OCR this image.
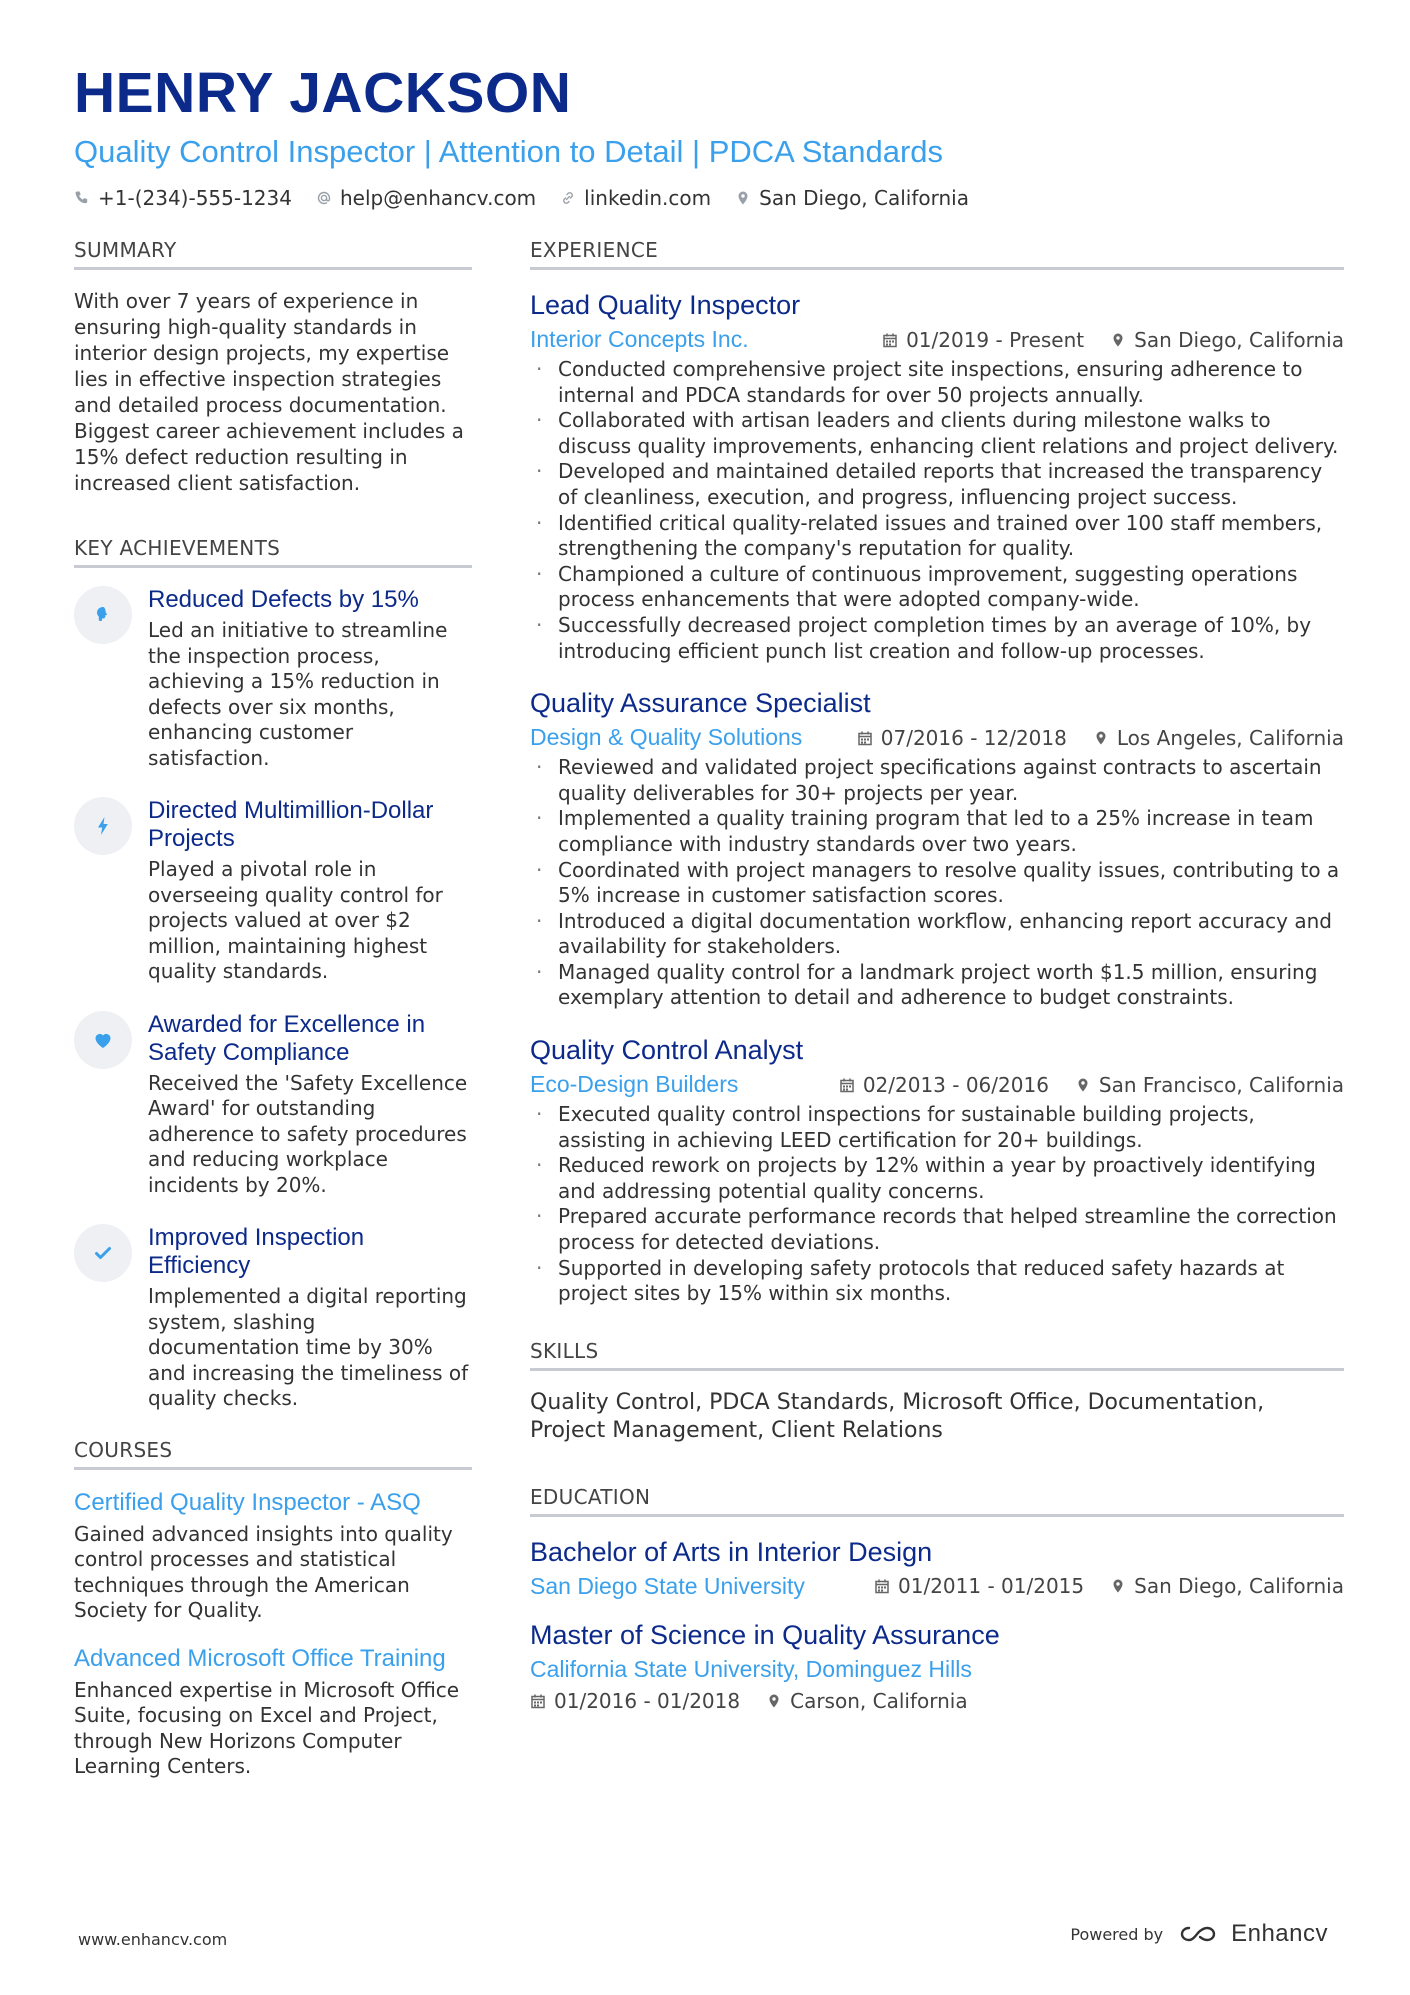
HENRY JACKSON
Quality Control Inspector | Attention to Detail | PDCA Standards
+1-(234)-555-1234 help@enhancv.com linkedin.com San Diego, California
SUMMARY

With over 7 years of experience in ensuring high-quality standards in interior design projects, my expertise lies in effective inspection strategies and detailed process documentation. Biggest career achievement includes a 15% defect reduction resulting in increased client satisfaction.

KEY ACHIEVEMENTS
Reduced Defects by 15%
Led an initiative to streamline the inspection process, achieving a 15% reduction in defects over six months, enhancing customer satisfaction.
Directed Multimillion-Dollar Projects
Played a pivotal role in overseeing quality control for projects valued at over $2 million, maintaining highest quality standards.
Awarded for Excellence in Safety Compliance
Received the 'Safety Excellence Award' for outstanding adherence to safety procedures and reducing workplace incidents by 20%.
Improved Inspection Efficiency
Implemented a digital reporting system, slashing documentation time by 30% and increasing the timeliness of quality checks.
COURSES
Certified Quality Inspector - ASQ
Gained advanced insights into quality control processes and statistical techniques through the American Society for Quality.
Advanced Microsoft Office Training
Enhanced expertise in Microsoft Office Suite, focusing on Excel and Project, through New Horizons Computer Learning Centers.
EXPERIENCE
Lead Quality Inspector
Interior Concepts Inc.	01/2019 - Present	San Diego, California
· Conducted comprehensive project site inspections, ensuring adherence to internal and PDCA standards for over 50 projects annually.
· Collaborated with artisan leaders and clients during milestone walks to discuss quality improvements, enhancing client relations and project delivery.
· Developed and maintained detailed reports that increased the transparency of cleanliness, execution, and progress, influencing project success.
· Identified critical quality-related issues and trained over 100 staff members, strengthening the company's reputation for quality.
· Championed a culture of continuous improvement, suggesting operations process enhancements that were adopted company-wide.
· Successfully decreased project completion times by an average of 10%, by introducing efficient punch list creation and follow-up processes.
Quality Assurance Specialist
Design & Quality Solutions	07/2016 - 12/2018	Los Angeles, California
· Reviewed and validated project specifications against contracts to ascertain quality deliverables for 30+ projects per year.
· Implemented a quality training program that led to a 25% increase in team compliance with industry standards over two years.
· Coordinated with project managers to resolve quality issues, contributing to a 5% increase in customer satisfaction scores.
· Introduced a digital documentation workflow, enhancing report accuracy and availability for stakeholders.
· Managed quality control for a landmark project worth $1.5 million, ensuring exemplary attention to detail and adherence to budget constraints.
Quality Control Analyst
Eco-Design Builders	02/2013 - 06/2016	San Francisco, California
· Executed quality control inspections for sustainable building projects, assisting in achieving LEED certification for 20+ buildings.
· Reduced rework on projects by 12% within a year by proactively identifying and addressing potential quality concerns.
· Prepared accurate performance records that helped streamline the correction process for detected deviations.
· Supported in developing safety protocols that reduced safety hazards at project sites by 15% within six months.
SKILLS

Quality Control, PDCA Standards, Microsoft Office, Documentation, Project Management, Client Relations

EDUCATION
Bachelor of Arts in Interior Design
San Diego State University	01/2011 - 01/2015	San Diego, California
Master of Science in Quality Assurance
California State University, Dominguez Hills
01/2016 - 01/2018	Carson, California
www.enhancv.com	Powered by	Enhancv
